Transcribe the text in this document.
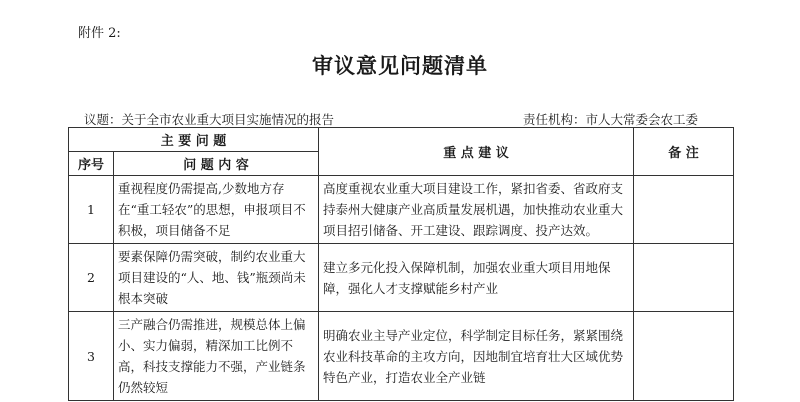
附件 2:
审议意见问题清单
议题：关于全市农业重大项目实施情况的报告	责任机构：市人大常委会农工委
主 要 问 题		重 点 建 议	备 注
序号	问 题 内 容		
1	重视程度仍需提高,少数地方存在“重工轻农”的思想，申报项目不积极，项目储备不足	高度重视农业重大项目建设工作，紧扣省委、省政府支持泰州大健康产业高质量发展机遇，加快推动农业重大项目招引储备、开工建设、跟踪调度、投产达效。	
2	要素保障仍需突破，制约农业重大项目建设的“人、地、钱”瓶颈尚未根本突破	建立多元化投入保障机制，加强农业重大项目用地保障，强化人才支撑赋能乡村产业	
3	三产融合仍需推进，规模总体上偏小、实力偏弱，精深加工比例不高，科技支撑能力不强，产业链条仍然较短	明确农业主导产业定位，科学制定目标任务，紧紧围绕农业科技革命的主攻方向，因地制宜培育壮大区域优势特色产业，打造农业全产业链	
